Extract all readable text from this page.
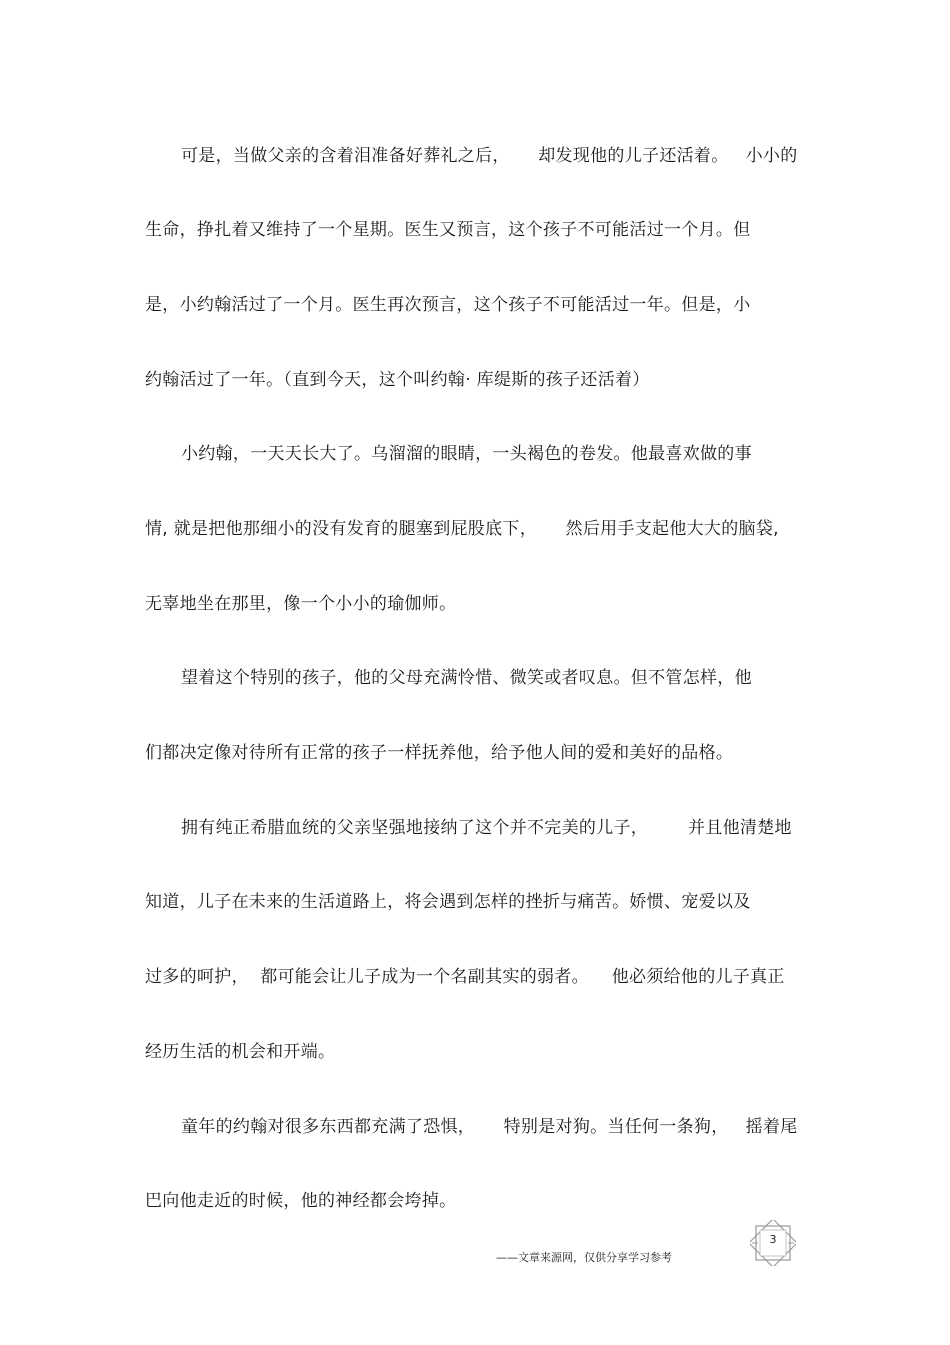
可是，当做父亲的含着泪准备好葬礼之后，     却发现他的儿子还活着。   小小的
生命，挣扎着又维持了一个星期。医生又预言，这个孩子不可能活过一个月。但
是，小约翰活过了一个月。医生再次预言，这个孩子不可能活过一年。但是，小
约翰活过了一年。（直到今天，这个叫约翰· 库缇斯的孩子还活着）
小约翰，一天天长大了。乌溜溜的眼睛，一头褐色的卷发。他最喜欢做的事
情, 就是把他那细小的没有发育的腿塞到屁股底下，     然后用手支起他大大的脑袋,
无辜地坐在那里，像一个小小的瑜伽师。
望着这个特别的孩子，他的父母充满怜惜、微笑或者叹息。但不管怎样，他
们都决定像对待所有正常的孩子一样抚养他，给予他人间的爱和美好的品格。
拥有纯正希腊血统的父亲坚强地接纳了这个并不完美的儿子，       并且他清楚地
知道，儿子在未来的生活道路上，将会遇到怎样的挫折与痛苦。娇惯、宠爱以及
过多的呵护，  都可能会让儿子成为一个名副其实的弱者。    他必须给他的儿子真正
经历生活的机会和开端。
童年的约翰对很多东西都充满了恐惧，     特别是对狗。当任何一条狗，   摇着尾
巴向他走近的时候，他的神经都会垮掉。
3
——文章来源网，仅供分享学习参考
